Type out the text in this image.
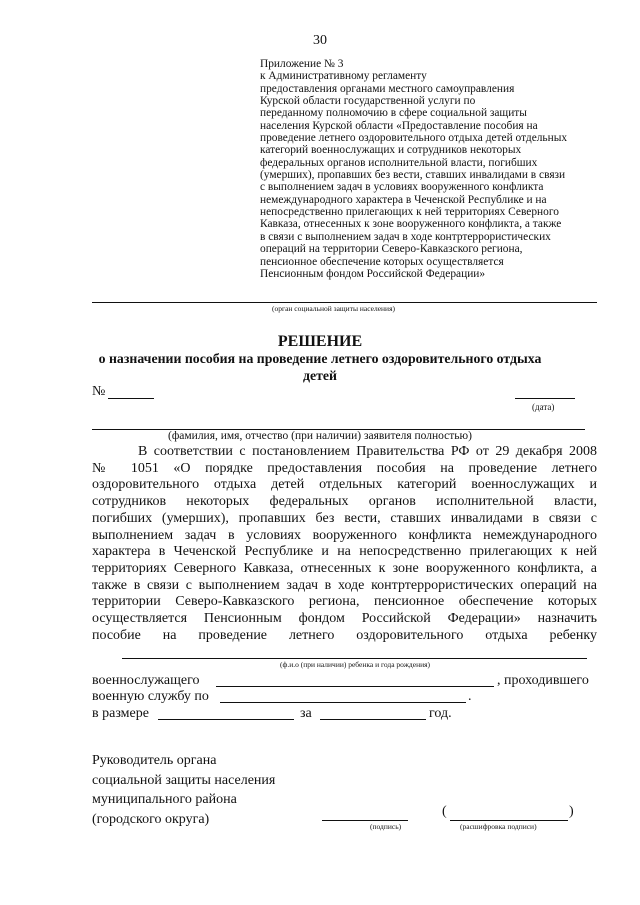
30
Приложение № 3
к Административному регламенту
предоставления органами местного самоуправления
Курской области государственной услуги по
переданному полномочию в сфере социальной защиты
населения Курской области «Предоставление пособия на
проведение летнего оздоровительного отдыха детей отдельных
категорий военнослужащих и сотрудников некоторых
федеральных органов исполнительной власти, погибших
(умерших), пропавших без вести, ставших инвалидами в связи
с выполнением задач в условиях вооруженного конфликта
немеждународного характера в Чеченской Республике и на
непосредственно прилегающих к ней территориях Северного
Кавказа, отнесенных к зоне вооруженного конфликта, а также
в связи с выполнением задач в ходе контртеррористических
операций на территории Северо-Кавказского региона,
пенсионное обеспечение которых осуществляется
Пенсионным фондом Российской Федерации»
(орган социальной защиты населения)
РЕШЕНИЕ
о назначении пособия на проведение летнего оздоровительного отдыха
детей
№
(дата)
(фамилия, имя, отчество (при наличии) заявителя полностью)
В соответствии с постановлением Правительства РФ от 29 декабря 2008
№ 1051 «О порядке предоставления пособия на проведение летнего
оздоровительного отдыха детей отдельных категорий военнослужащих и
сотрудников некоторых федеральных органов исполнительной власти,
погибших (умерших), пропавших без вести, ставших инвалидами в связи с
выполнением задач в условиях вооруженного конфликта немеждународного
характера в Чеченской Республике и на непосредственно прилегающих к ней
территориях Северного Кавказа, отнесенных к зоне вооруженного конфликта, а
также в связи с выполнением задач в ходе контртеррористических операций на
территории Северо-Кавказского региона, пенсионное обеспечение которых
осуществляется Пенсионным фондом Российской Федерации» назначить
пособие на проведение летнего оздоровительного отдыха ребенку
(ф.и.о (при наличии) ребенка и года рождения)
военнослужащего	, проходившего
военную службу по	.
в размере	за	год.
Руководитель органа
социальной защиты населения
муниципального района
(городского округа)	(подпись)
(	)
(расшифровка подписи)
